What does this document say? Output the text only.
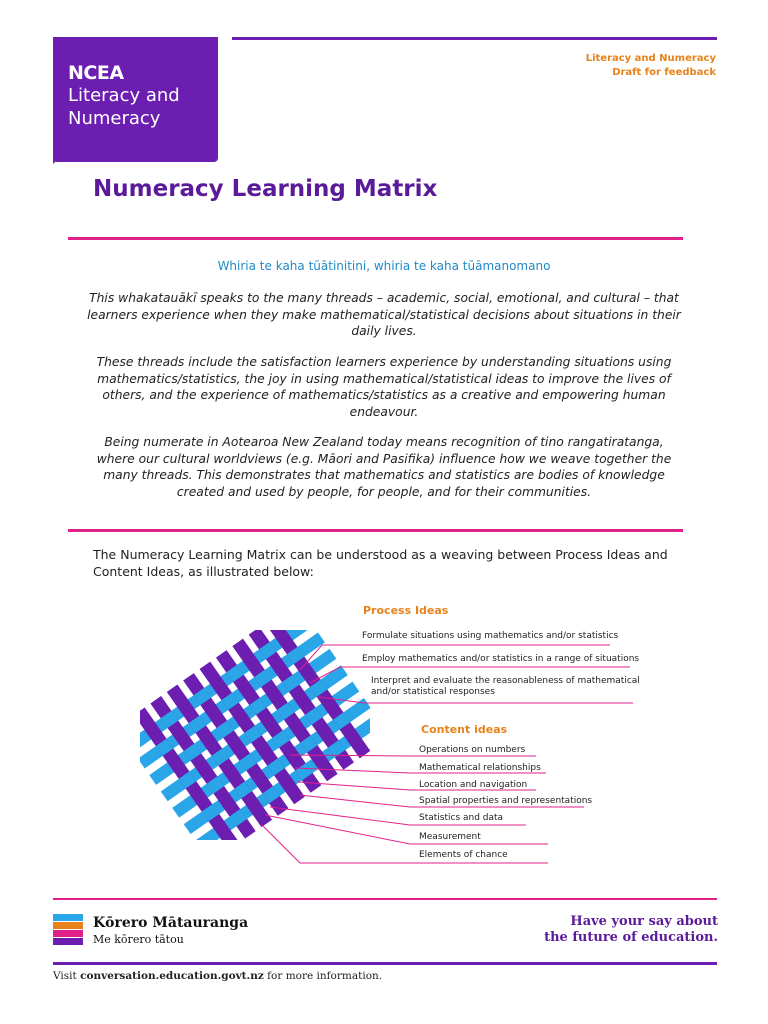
NCEA
Literacy and
Numeracy
Literacy and Numeracy
Draft for feedback
Numeracy Learning Matrix
Whiria te kaha tūātinitini, whiria te kaha tūāmanomano
This whakatauākī speaks to the many threads – academic, social, emotional, and cultural – that learners experience when they make mathematical/statistical decisions about situations in their daily lives.
These threads include the satisfaction learners experience by understanding situations using mathematics/statistics, the joy in using mathematical/statistical ideas to improve the lives of others, and the experience of mathematics/statistics as a creative and empowering human endeavour.
Being numerate in Aotearoa New Zealand today means recognition of tino rangatiratanga, where our cultural worldviews (e.g. Māori and Pasifika) influence how we weave together the many threads. This demonstrates that mathematics and statistics are bodies of knowledge created and used by people, for people, and for their communities.
The Numeracy Learning Matrix can be understood as a weaving between Process Ideas and Content Ideas, as illustrated below:
Process Ideas
Formulate situations using mathematics and/or statistics
Employ mathematics and/or statistics in a range of situations
Interpret and evaluate the reasonableness of mathematical and/or statistical responses
Content ideas
Operations on numbers
Mathematical relationships
Location and navigation
Spatial properties and representations
Statistics and data
Measurement
Elements of chance
Kōrero Mātauranga
Me kōrero tātou
Have your say about
the future of education.
Visit conversation.education.govt.nz for more information.
